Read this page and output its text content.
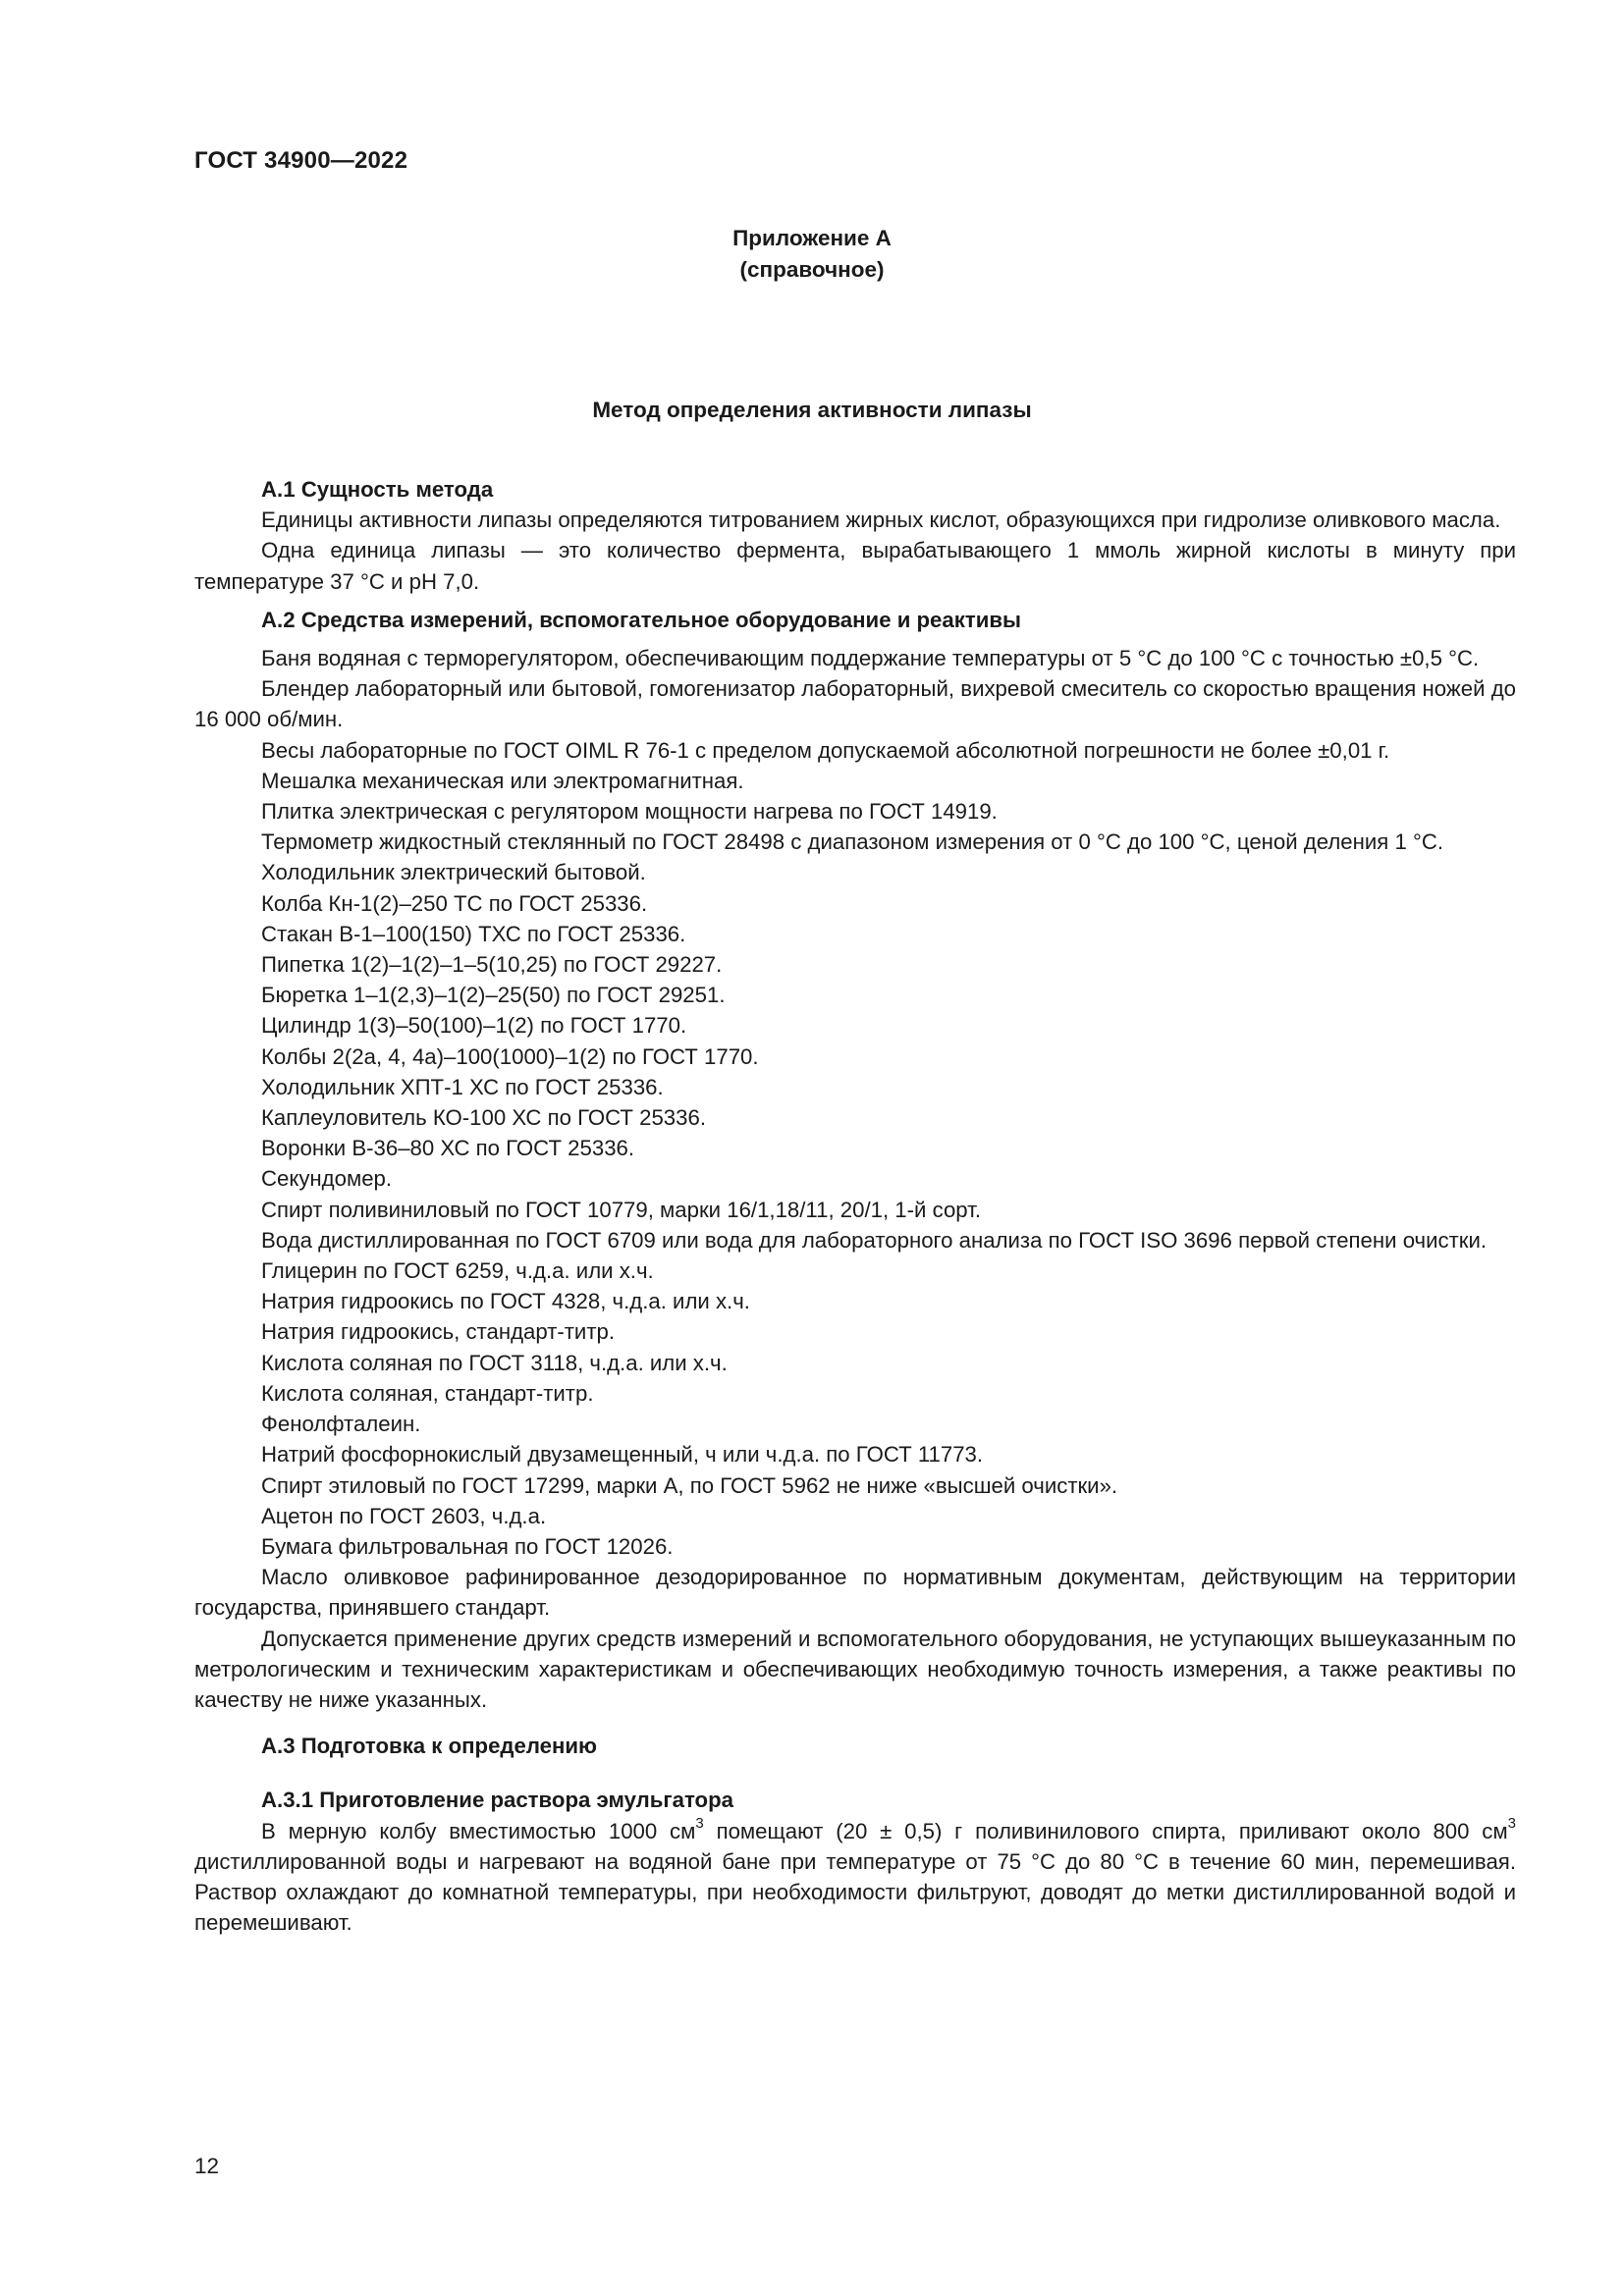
ГОСТ 34900—2022
Приложение А
(справочное)
Метод определения активности липазы

А.1 Сущность метода

Единицы активности липазы определяются титрованием жирных кислот, образующихся при гидролизе оливкового масла.

Одна единица липазы — это количество фермента, вырабатывающего 1 ммоль жирной кислоты в минуту при температуре 37 °С и pH 7,0.

А.2 Средства измерений, вспомогательное оборудование и реактивы

Баня водяная с терморегулятором, обеспечивающим поддержание температуры от 5 °С до 100 °С с точностью ±0,5 °С.

Блендер лабораторный или бытовой, гомогенизатор лабораторный, вихревой смеситель со скоростью вращения ножей до 16 000 об/мин.

Весы лабораторные по ГОСТ OIML R 76-1 с пределом допускаемой абсолютной погрешности не более ±0,01 г.

Мешалка механическая или электромагнитная.

Плитка электрическая с регулятором мощности нагрева по ГОСТ 14919.

Термометр жидкостный стеклянный по ГОСТ 28498 с диапазоном измерения от 0 °С до 100 °С, ценой деления 1 °С.

Холодильник электрический бытовой.

Колба Кн-1(2)–250 ТС по ГОСТ 25336.

Стакан В-1–100(150) ТХС по ГОСТ 25336.

Пипетка 1(2)–1(2)–1–5(10,25) по ГОСТ 29227.

Бюретка 1–1(2,3)–1(2)–25(50) по ГОСТ 29251.

Цилиндр 1(3)–50(100)–1(2) по ГОСТ 1770.

Колбы 2(2а, 4, 4а)–100(1000)–1(2) по ГОСТ 1770.

Холодильник ХПТ-1 ХС по ГОСТ 25336.

Каплеуловитель КО-100 ХС по ГОСТ 25336.

Воронки В-36–80 ХС по ГОСТ 25336.

Секундомер.

Спирт поливиниловый по ГОСТ 10779, марки 16/1,18/11, 20/1, 1-й сорт.

Вода дистиллированная по ГОСТ 6709 или вода для лабораторного анализа по ГОСТ ISO 3696 первой степени очистки.

Глицерин по ГОСТ 6259, ч.д.а. или х.ч.

Натрия гидроокись по ГОСТ 4328, ч.д.а. или х.ч.

Натрия гидроокись, стандарт-титр.

Кислота соляная по ГОСТ 3118, ч.д.а. или х.ч.

Кислота соляная, стандарт-титр.

Фенолфталеин.

Натрий фосфорнокислый двузамещенный, ч или ч.д.а. по ГОСТ 11773.

Спирт этиловый по ГОСТ 17299, марки А, по ГОСТ 5962 не ниже «высшей очистки».

Ацетон по ГОСТ 2603, ч.д.а.

Бумага фильтровальная по ГОСТ 12026.

Масло оливковое рафинированное дезодорированное по нормативным документам, действующим на территории государства, принявшего стандарт.

Допускается применение других средств измерений и вспомогательного оборудования, не уступающих вышеуказанным по метрологическим и техническим характеристикам и обеспечивающих необходимую точность измерения, а также реактивы по качеству не ниже указанных.

А.3 Подготовка к определению

А.3.1 Приготовление раствора эмульгатора

В мерную колбу вместимостью 1000 $см^3$ помещают (20 ± 0,5) г поливинилового спирта, приливают около 800 $см^3$ дистиллированной воды и нагревают на водяной бане при температуре от 75 °С до 80 °С в течение 60 мин, перемешивая. Раствор охлаждают до комнатной температуры, при необходимости фильтруют, доводят до метки дистиллированной водой и перемешивают.

12
